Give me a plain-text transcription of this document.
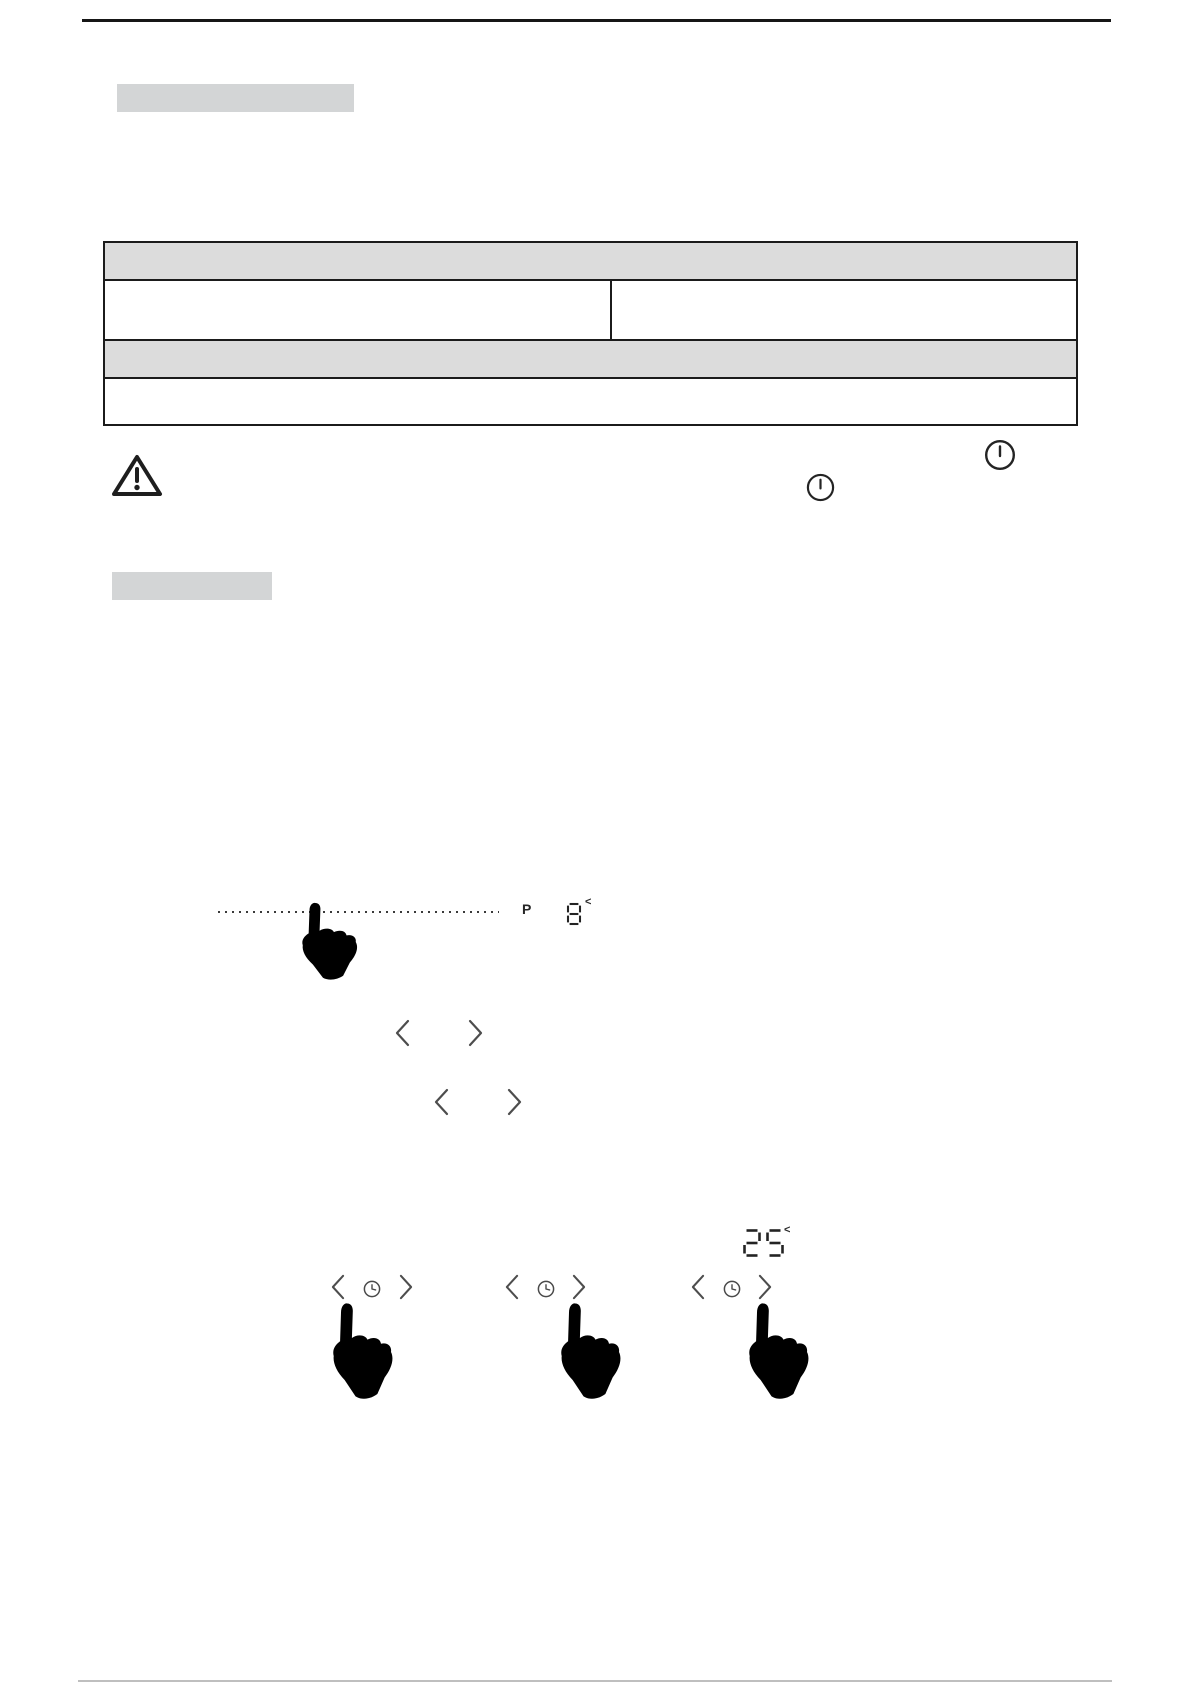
P	<
<
